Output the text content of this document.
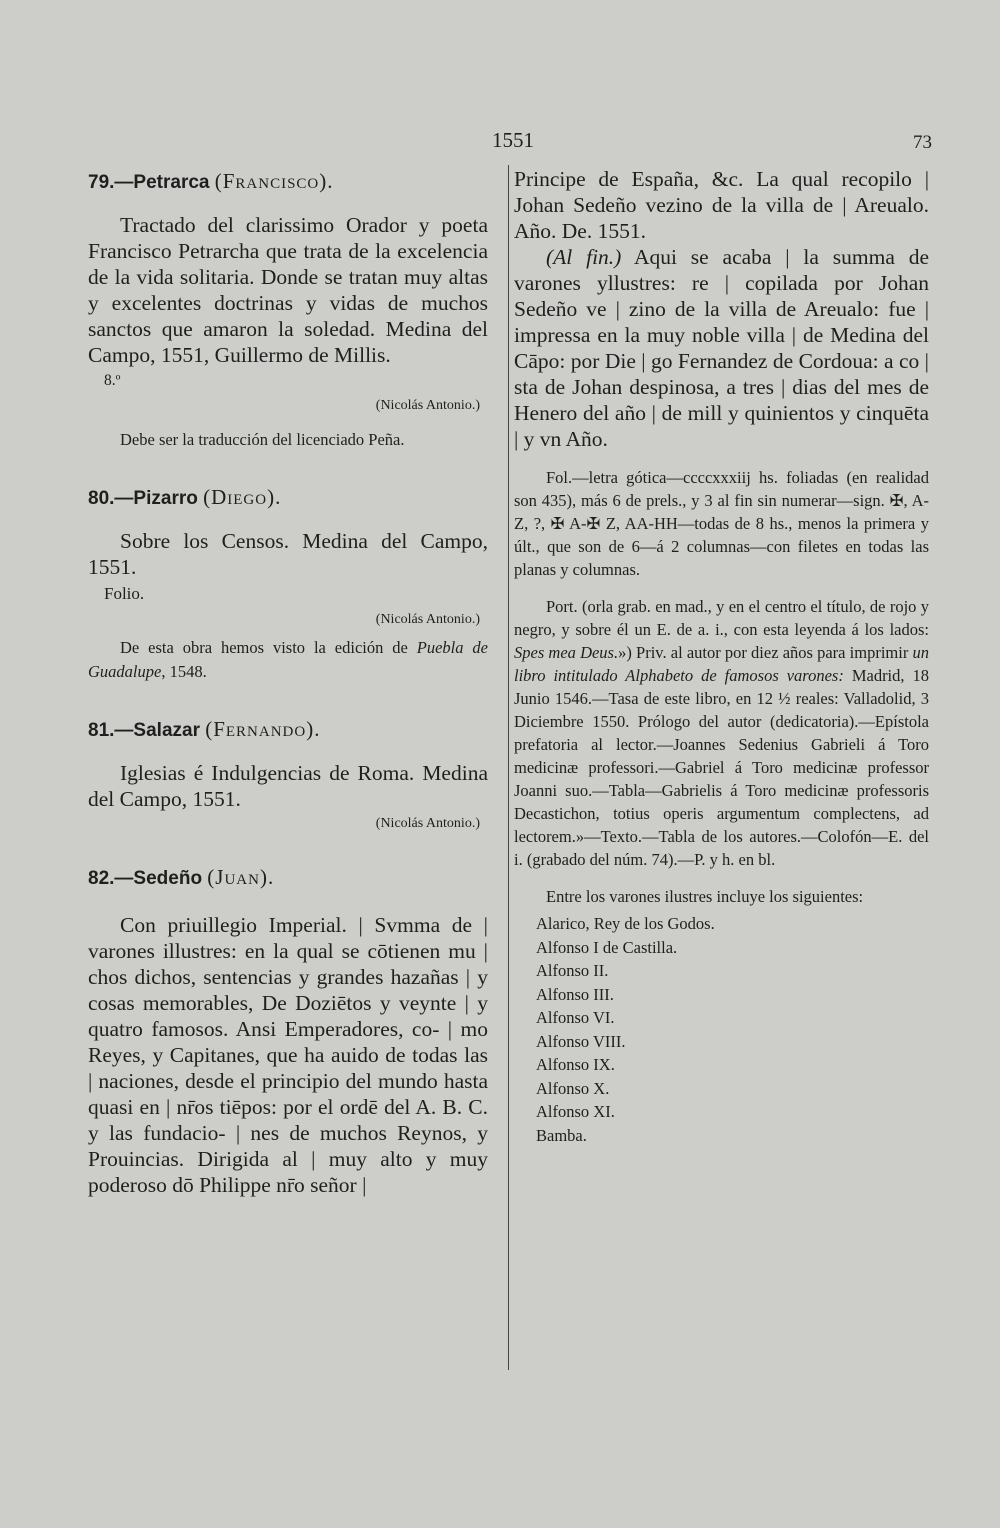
1551	73

79.—Petrarca (Francisco).

Tractado del clarissimo Orador y poeta Francisco Petrarcha que trata de la excelencia de la vida solitaria. Donde se tratan muy altas y excelentes doctrinas y vidas de muchos sanctos que amaron la soledad. Medina del Campo, 1551, Guillermo de Millis.

8.º

(Nicolás Antonio.)

Debe ser la traducción del licenciado Peña.

80.—Pizarro (Diego).

Sobre los Censos. Medina del Campo, 1551.

Folio.

(Nicolás Antonio.)

De esta obra hemos visto la edición de Puebla de Guadalupe, 1548.

81.—Salazar (Fernando).

Iglesias é Indulgencias de Roma. Medina del Campo, 1551.

(Nicolás Antonio.)

82.—Sedeño (Juan).

Con priuillegio Imperial. | Svmma de | varones illustres: en la qual se cōtienen mu | chos dichos, sentencias y grandes hazañas | y cosas memorables, De Doziētos y veynte | y quatro famosos. Ansi Emperadores, co- | mo Reyes, y Capitanes, que ha auido de todas las | naciones, desde el principio del mundo hasta quasi en | nr̄os tiēpos: por el ordē del A. B. C. y las fundacio- | nes de muchos Reynos, y Prouincias. Dirigida al | muy alto y muy poderoso dō Philippe nr̄o señor |

Principe de España, &c. La qual recopilo | Johan Sedeño vezino de la villa de | Areualo. Año. De. 1551.

(Al fin.) Aqui se acaba | la summa de varones yllustres: re | copilada por Johan Sedeño ve | zino de la villa de Areualo: fue | impressa en la muy noble villa | de Medina del Cāpo: por Die | go Fernandez de Cordoua: a co | sta de Johan despinosa, a tres | dias del mes de Henero del año | de mill y quinientos y cinquēta | y vn Año.

Fol.—letra gótica—ccccxxxiij hs. foliadas (en realidad son 435), más 6 de prels., y 3 al fin sin numerar—sign. ✠, A-Z, ?, ✠ A-✠ Z, AA-HH—todas de 8 hs., menos la primera y últ., que son de 6—á 2 columnas—con filetes en todas las planas y columnas.

Port. (orla grab. en mad., y en el centro el título, de rojo y negro, y sobre él un E. de a. i., con esta leyenda á los lados: Spes mea Deus.») Priv. al autor por diez años para imprimir un libro intitulado Alphabeto de famosos varones: Madrid, 18 Junio 1546.—Tasa de este libro, en 12 ½ reales: Valladolid, 3 Diciembre 1550. Prólogo del autor (dedicatoria).—Epístola prefatoria al lector.—Joannes Sedenius Gabrieli á Toro medicinæ professori.—Gabriel á Toro medicinæ professor Joanni suo.—Tabla—Gabrielis á Toro medicinæ professoris Decastichon, totius operis argumentum complectens, ad lectorem.»—Texto.—Tabla de los autores.—Colofón—E. del i. (grabado del núm. 74).—P. y h. en bl.

Entre los varones ilustres incluye los siguientes:

Alarico, Rey de los Godos.
Alfonso I de Castilla.
Alfonso II.
Alfonso III.
Alfonso VI.
Alfonso VIII.
Alfonso IX.
Alfonso X.
Alfonso XI.
Bamba.
